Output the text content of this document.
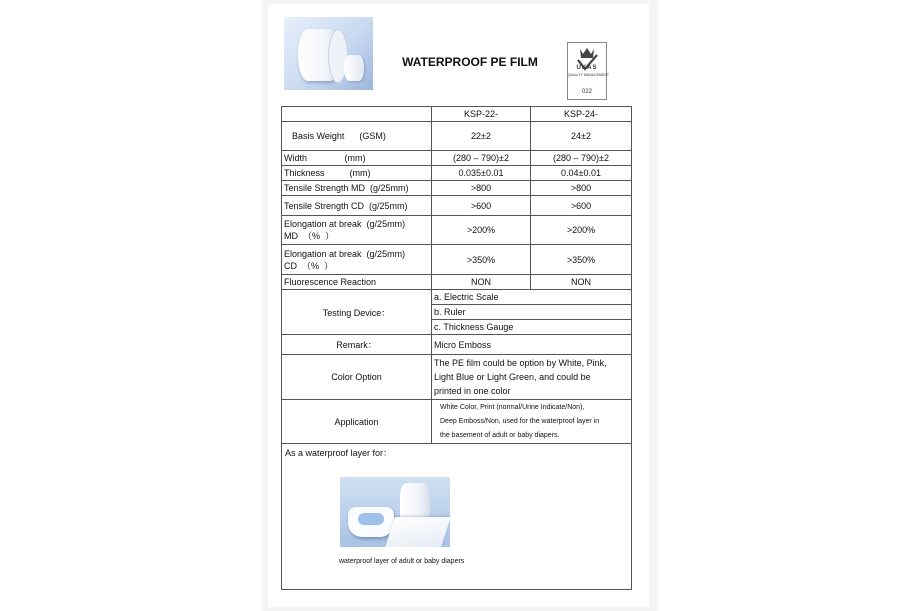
WATERPROOF PE FILM	UKAS
QUALITY MANAGEMENT
022
	KSP-22-	KSP-24-
Basis Weight      (GSM)	22±2	24±2
Width               (mm)	(280 – 790)±2	(280 – 790)±2
Thickness          (mm)	0.035±0.01	0.04±0.01
Tensile Strength MD  (g/25mm)	>800	>800
Tensile Strength CD  (g/25mm)	>600	>600
Elongation at break  (g/25mm)
MD  （%  ）	>200%	>200%
Elongation at break  (g/25mm)
CD  （%  ）	>350%	>350%
Fluorescence Reaction	NON	NON
Testing Device：	a. Electric Scale	
	b. Ruler	
	c. Thickness Gauge	
Remark：	Micro Emboss	
Color Option	The PE film could be option by White, Pink,
Light Blue or Light Green, and could be
printed in one color	
Application	White Color, Print (normal/Urine Indicate/Non),
Deep Emboss/Non, used for the waterproof layer in
the basement of adult or baby diapers.	

As a waterproof layer for：
waterproof layer of adult or baby diapers		
